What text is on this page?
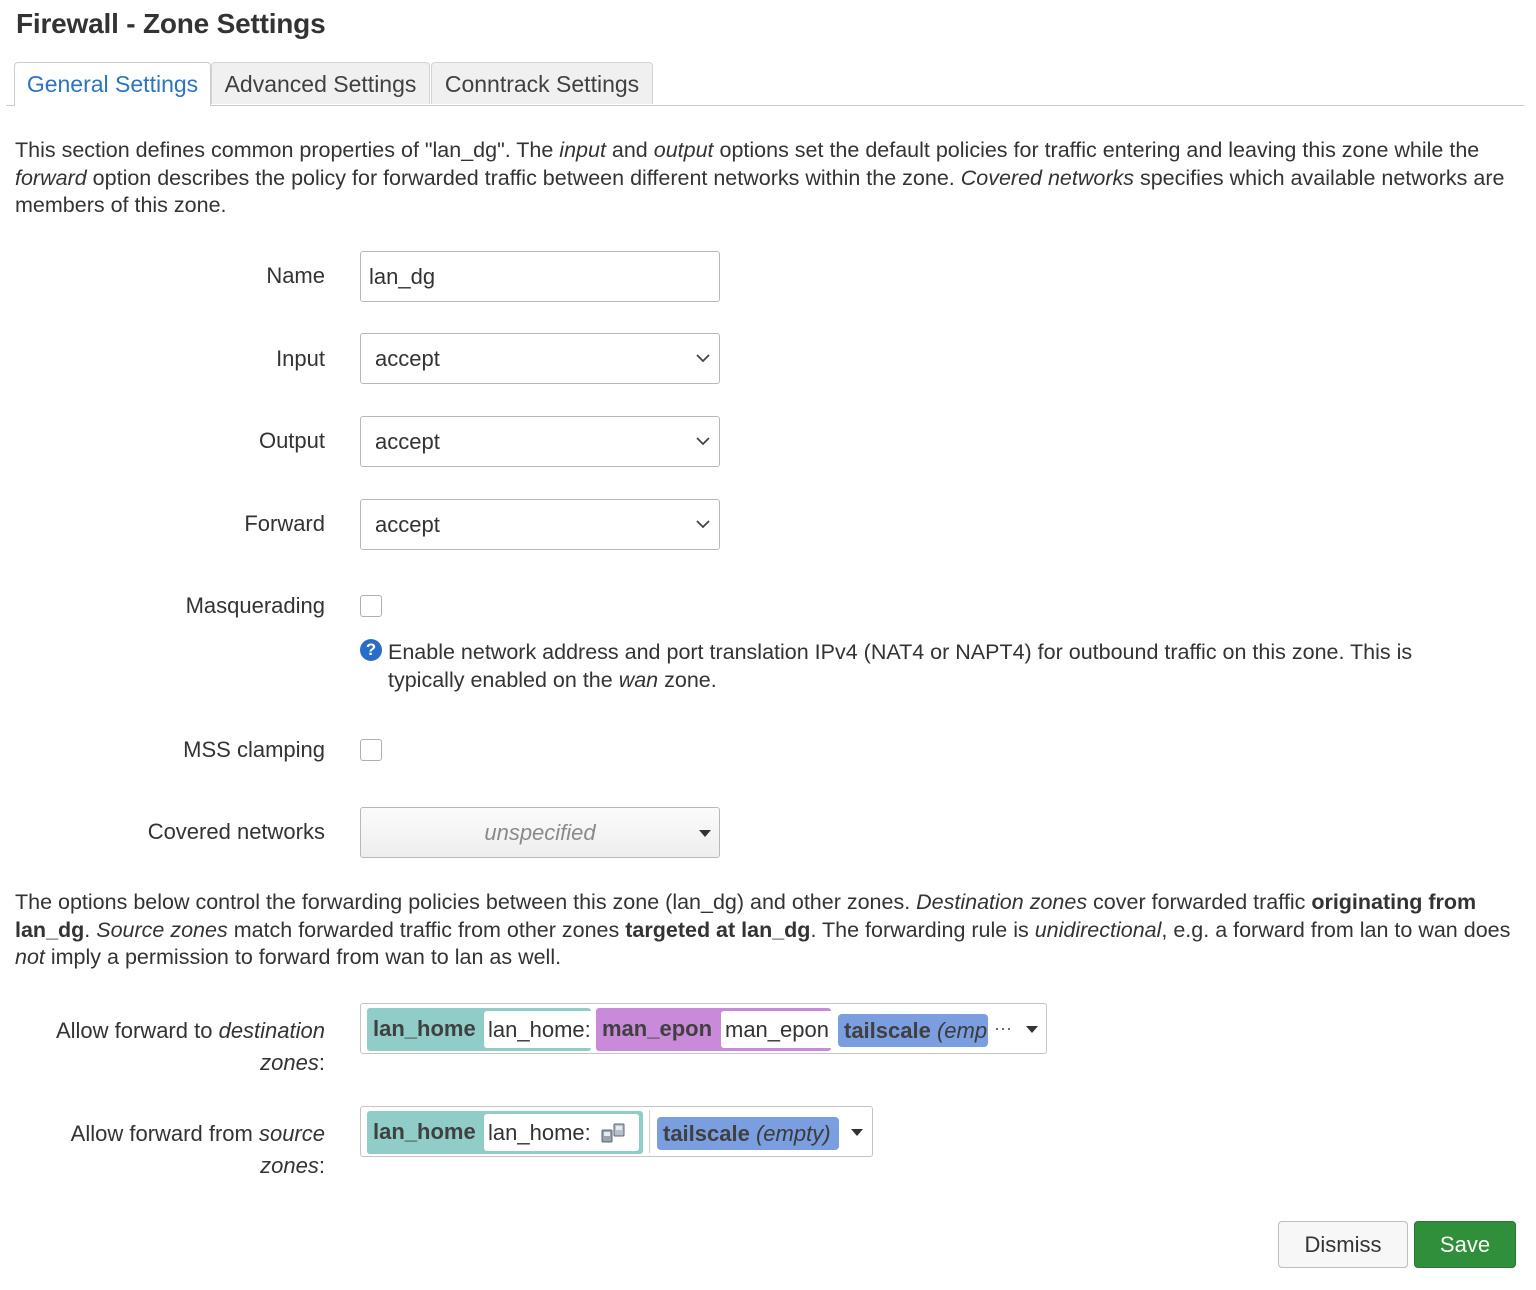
Firewall - Zone Settings
General Settings	Advanced Settings	Conntrack Settings
This section defines common properties of "lan_dg". The input and output options set the default policies for traffic entering and leaving this zone while the forward option describes the policy for forwarded traffic between different networks within the zone. Covered networks specifies which available networks are members of this zone.
Name
lan_dg
Input	accept
Output	accept
Forward	accept
Masquerading
? Enable network address and port translation IPv4 (NAT4 or NAPT4) for outbound traffic on this zone. This is typically enabled on the wan zone.
MSS clamping
Covered networks	unspecified
The options below control the forwarding policies between this zone (lan_dg) and other zones. Destination zones cover forwarded traffic originating from lan_dg. Source zones match forwarded traffic from other zones targeted at lan_dg. The forwarding rule is unidirectional, e.g. a forward from lan to wan does not imply a permission to forward from wan to lan as well.
Allow forward to destination
zones:
lan_home lan_home: man_epon man_epon tailscale (emp ···
Allow forward from source
zones:
lan_home lan_home:	tailscale (empty)
Dismiss	Save
